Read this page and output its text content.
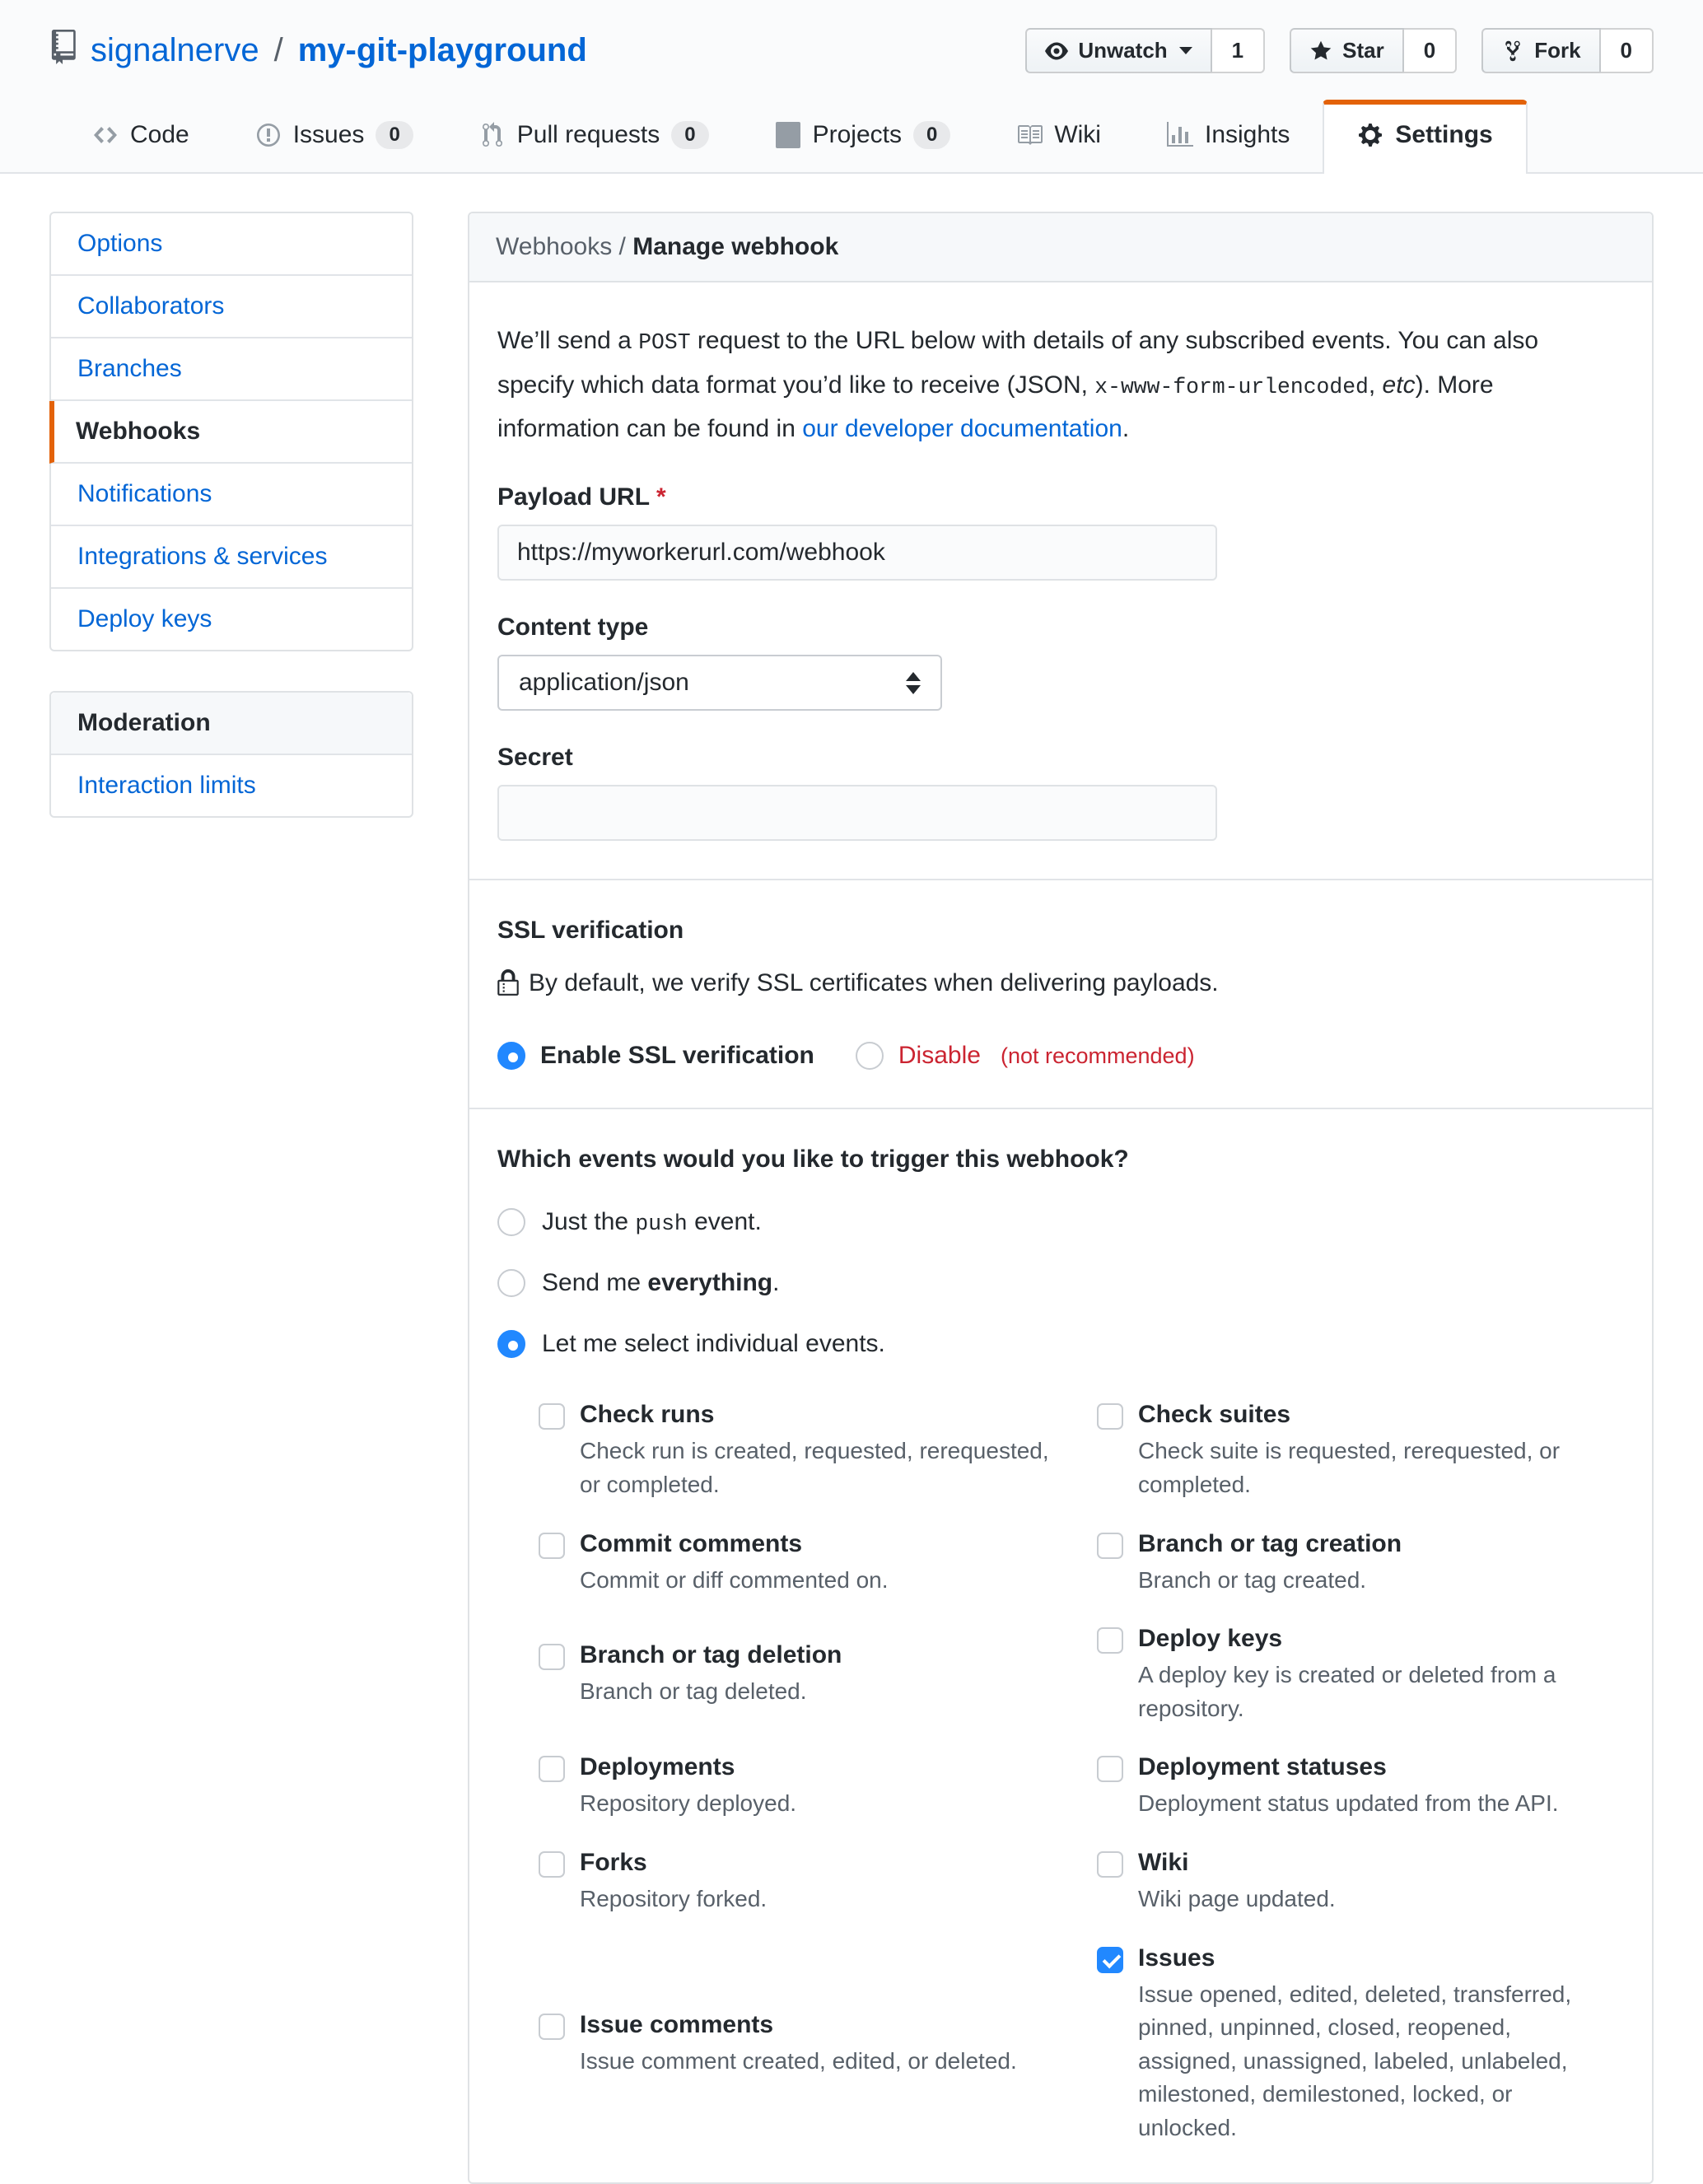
signalnerve / my-git-playground	Unwatch	1	Star	0	Fork	0
Code	Issues	0	Pull requests	0	Projects	0	Wiki	Insights	Settings
Options
Collaborators
Branches
Webhooks
Notifications
Integrations & services
Deploy keys
Moderation
Interaction limits
Webhooks / Manage webhook

We’ll send a POST request to the URL below with details of any subscribed events. You can also specify which data format you’d like to receive (JSON, x-www-form-urlencoded, etc). More information can be found in our developer documentation.

Payload URL *
https://myworkerurl.com/webhook
Content type
application/json
Secret
SSL verification
By default, we verify SSL certificates when delivering payloads.
Enable SSL verification	Disable (not recommended)
Which events would you like to trigger this webhook?
Just the push event.
Send me everything.
Let me select individual events.
Check runs

Check run is created, requested, rerequested, or completed.

Check suites

Check suite is requested, rerequested, or completed.

Commit comments

Commit or diff commented on.

Branch or tag creation

Branch or tag created.

Branch or tag deletion

Branch or tag deleted.

Deploy keys

A deploy key is created or deleted from a repository.

Deployments

Repository deployed.

Deployment statuses

Deployment status updated from the API.

Forks

Repository forked.

Wiki

Wiki page updated.

Issue comments

Issue comment created, edited, or deleted.

Issues

Issue opened, edited, deleted, transferred, pinned, unpinned, closed, reopened, assigned, unassigned, labeled, unlabeled, milestoned, demilestoned, locked, or unlocked.
